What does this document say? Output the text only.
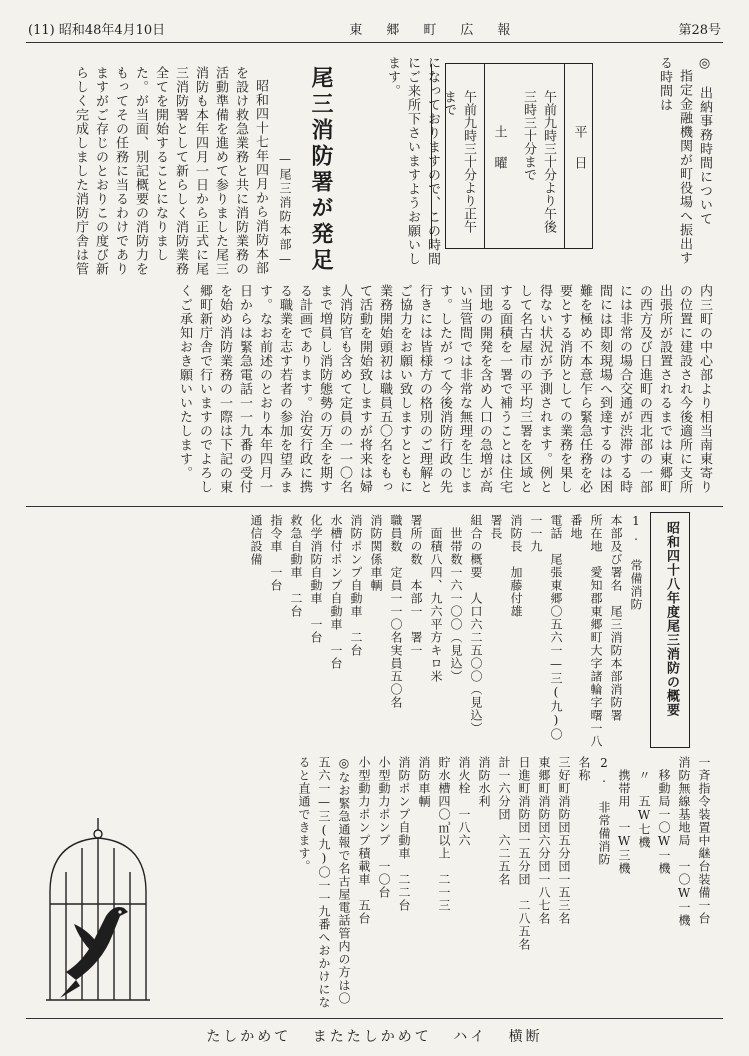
(11) 昭和48年4月10日	東郷町広報	第28号

◎　出納事務時間について

指定金融機関が町役場へ振出する時間は

平日
午前九時三十分より午後三時三十分まで
土曜
午前九時三十分より正午まで

になっておりますので、この時間にご来所下さいますようお願いします。

尾三消防署が発足
—尾三消防本部—

昭和四十七年四月から消防本部を設け救急業務と共に消防業務の活動準備を進めて参りました尾三消防も本年四月一日から正式に尾三消防署として新らしく消防業務全てを開始することになりました。が当面、別記概要の消防力をもってその任務に当るわけでありますがご存じのとおりこの度び新らしく完成しました消防庁舎は管

内三町の中心部より相当南東寄りの位置に建設され今後適所に支所出張所が設置されるまでは東郷町の西方及び日進町の西北部の一部には非常の場合交通が渋滞する時間には即刻現場へ到達するのは困難を極め不本意乍ら緊急任務を必要とする消防としての業務を果し得ない状況が予測されます。例として名古屋市の平均三署を区域とする面積を一署で補うことは住宅団地の開発を含め人口の急増が高い当管間では非常な無理を生じます。したがって今後消防行政の先行きには皆様方の格別のご理解とご協力をお願い致しますとともに業務開始頭初は職員五〇名をもって活動を開始致しますが将来は婦人消防官も含めて定員の一一〇名まで増員し消防態勢の万全を期する計画であります。治安行政に携る職業を志す若者の参加を望みます。なお前述のとおり本年四月一日からは緊急電話一一九番の受付を始め消防業務の一際は下記の東郷町新庁舎で行いますのでよろしくご承知おき願いいたします。

昭和四十八年度尾三消防の概要

1. 常備消防

本部及び署名　尾三消防本部消防署

所在地　愛知郡東郷町大字諸輪字曙一八番地

電話　尾張東郷〇五六一—三(九)〇一一九

消防長　加藤付雄

署長

組合の概要　人口六二五〇〇（見込）

　世帯数一六一〇〇（見込）

　面積八四、九六平方キロ米

署所の数　本部一　署一

職員数　定員一一〇名実員五〇名

消防関係車輌

消防ポンプ自動車　二台

水槽付ポンプ自動車　一台

化学消防自動車　一台

救急自動車　二台

指令車　一台

通信設備

一斉指令装置中継台装備一台

消防無線基地局　一〇W一機

　移動局一〇W一機

　〃　五W七機

　携帯用　一W三機

2. 非常備消防

名称

三好町消防団五分団一五三名

東郷町消防団六分団一八七名

日進町消防団一五分団　二八五名

計一六分団　六二五名

消防水利

消火栓　一八六

貯水槽四〇㎥以上　二一三

消防車輌

消防ポンプ自動車　二二台

小型動力ポンプ　一〇台

小型動力ポンプ積載車　五台

◎なお緊急通報で名古屋電話管内の方は〇五六一—三(九)〇一一九番へおかけになると直通できます。

たしかめて またたしかめて ハイ 横断
